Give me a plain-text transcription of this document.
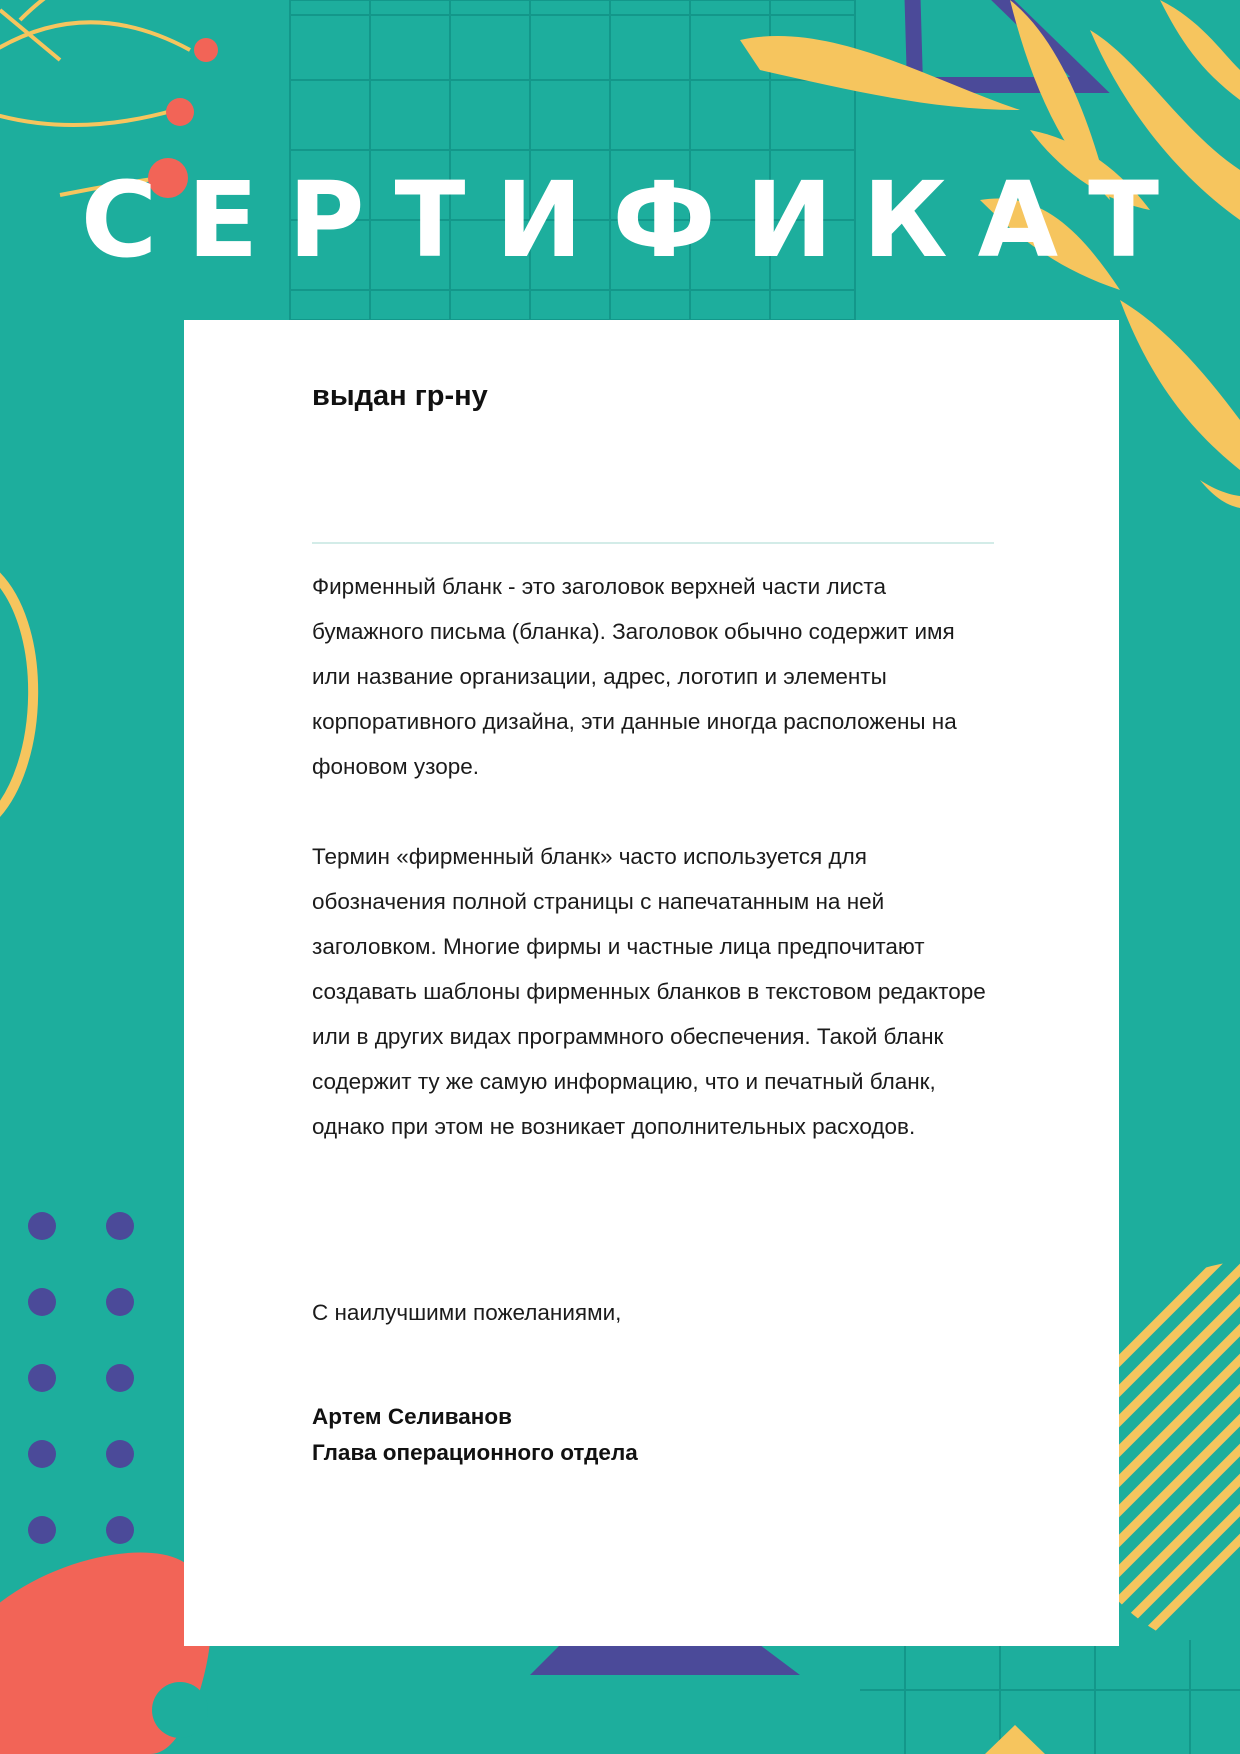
СЕРТИФИКАТ

выдан гр-ну

Фирменный бланк - это заголовок верхней части листа бумажного письма (бланка). Заголовок обычно содержит имя или название организации, адрес, логотип и элементы корпоративного дизайна, эти данные иногда расположены на фоновом узоре.

Термин «фирменный бланк» часто используется для обозначения полной страницы с напечатанным на ней заголовком. Многие фирмы и частные лица предпочитают создавать шаблоны фирменных бланков в текстовом редакторе или в других видах программного обеспечения. Такой бланк содержит ту же самую информацию, что и печатный бланк, однако при этом не возникает дополнительных расходов.

С наилучшими пожеланиями,

Артем Селиванов

Глава операционного отдела
